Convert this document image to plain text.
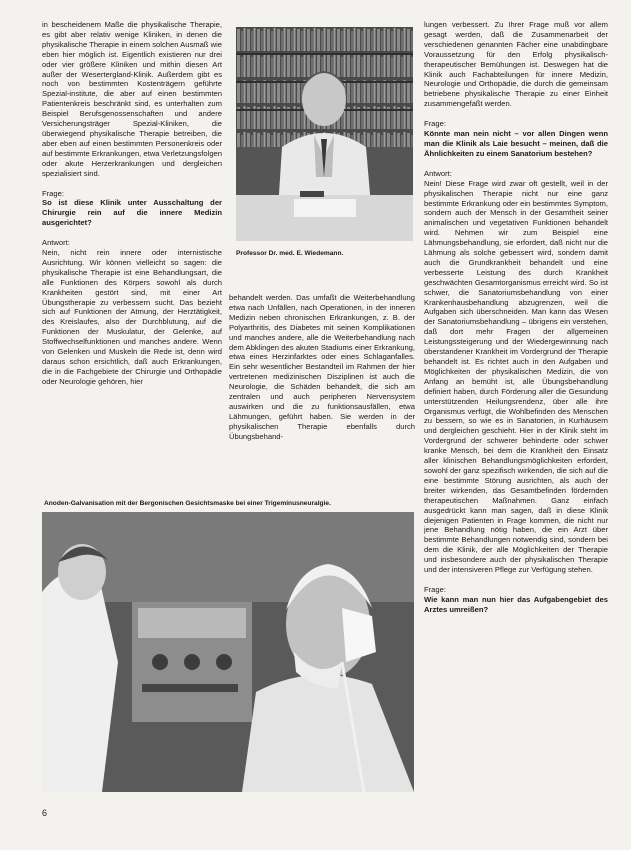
in bescheidenem Maße die physikalische Therapie, es gibt aber relativ wenige Kliniken, in denen die physikalische Therapie in einem solchen Ausmaß wie eben hier möglich ist. Eigentlich existieren nur drei oder vier größere Kliniken und mithin diesen Art außer der Wesertergland-Klinik. Außerdem gibt es noch von bestimmten Kostenträgern geführte Spezial-institute, die aber auf einen bestimmten Patientenkreis beschränkt sind, es unterhalten zum Beispiel Berufsgenossenschaften und andere Versicherungsträger Spezial-Kliniken, die überwiegend physikalische Therapie betreiben, die aber eben auf einen bestimmten Personenkreis oder auf bestimmte Erkrankungen, etwa Verletzungsfolgen oder akute Herzerkrankungen und dergleichen spezialisiert sind.

Frage:

So ist diese Klinik unter Ausschaltung der Chirurgie rein auf die innere Medizin ausgerichtet?

Antwort:

Nein, nicht rein innere oder internistische Ausrichtung. Wir können vielleicht so sagen: die physikalische Therapie ist eine Behandlungsart, die alle Funktionen des Körpers sowohl als durch Krankheiten gestört sind, mit einer Art Übungstherapie zu verbessern sucht. Das bezieht sich auf Funktionen der Atmung, der Herztätigkeit, des Kreislaufes, also der Durchblutung, auf die Funktionen der Muskulatur, der Gelenke, auf Stoffwechselfunktionen und manches andere. Wenn von Gelenken und Muskeln die Rede ist, denn wird daraus schon ersichtlich, daß auch Erkrankungen, die in die Fachgebiete der Chirurgie und Orthopädie oder Neurologie gehören, hier

Professor Dr. med. E. Wiedemann.

behandelt werden. Das umfaßt die Weiterbehandlung etwa nach Unfällen, nach Operationen, in der inneren Medizin neben chronischen Erkrankungen, z. B. der Polyarthritis, des Diabetes mit seinen Komplikationen und manches andere, alle die Weiterbehandlung nach dem Abklingen des akuten Stadiums einer Erkrankung, etwa eines Herzinfarktes oder eines Schlaganfalles. Ein sehr wesentlicher Bestandteil im Rahmen der hier vertretenen medizinischen Disziplinen ist auch die Neurologie, die Schäden behandelt, die sich am zentralen und auch peripheren Nervensystem auswirken und die zu funktionsausfällen, etwa Lähmungen, geführt haben. Sie werden in der physikalischen Therapie ebenfalls durch Übungsbehand-

Anoden-Galvanisation mit der Bergonischen Gesichtsmaske bei einer Trigeminusneuralgie.

lungen verbessert. Zu Ihrer Frage muß vor allem gesagt werden, daß die Zusammenarbeit der verschiedenen genannten Fächer eine unabdingbare Voraussetzung für den Erfolg physikalisch-therapeutischer Bemühungen ist. Deswegen hat die Klinik auch Fachabteilungen für innere Medizin, Neurologie und Orthopädie, die durch die gemeinsam betriebene physikalische Therapie zu einer Einheit zusammengefaßt werden.

Frage:

Könnte man nein nicht – vor allen Dingen wenn man die Klinik als Laie besucht – meinen, daß die Ähnlichkeiten zu einem Sanatorium bestehen?

Antwort:

Nein! Diese Frage wird zwar oft gestellt, weil in der physikalischen Therapie nicht nur eine ganz bestimmte Erkrankung oder ein bestimmtes Symptom, sondern auch der Mensch in der Gesamtheit seiner animalischen und vegetativen Funktionen behandelt wird. Nehmen wir zum Beispiel eine Lähmungsbehandlung, sie erfordert, daß nicht nur die Lähmung als solche gebessert wird, sondern damit auch die Grundkrankheit behandelt und eine verbesserte Leistung des durch Krankheit geschwächten Gesamtorganismus erreicht wird. So ist schwer, die Sanatoriumsbehandlung von einer Krankenhausbehandlung abzugrenzen, weil die Aufgaben sich überschneiden. Man kann das Wesen der Sanatoriumsbehandlung – übrigens ein verstehen, daß dort mehr Fragen der allgemeinen Leistungssteigerung und der Wiedergewinnung nach überstandener Krankheit im Vordergrund der Therapie behandelt ist. Es richtet auch in den Aufgaben und Möglichkeiten der physikalischen Medizin, die von Anfang an bemüht ist, alle Übungsbehandlung definiert haben, durch Förderung aller die Gesundung unterstützenden Heilungsrendenz, über alle ihre Organismus verfügt, die Wohlbefinden des Menschen zu bessern, so wie es in Sanatorien, in Kurhäusern und dergleichen geschieht. Hier in der Klinik steht im Vordergrund der schwerer behinderte oder schwer kranke Mensch, bei dem die Krankheit den Einsatz aller klinischen Behandlungsmöglichkeiten erfordert, sowohl der ganz spezifisch wirkenden, die sich auf die eine bestimmte Störung ausrichten, als auch der breiter wirkenden, das Gesamtbefinden fördernden therapeutischen Maßnahmen. Ganz einfach ausgedrückt kann man sagen, daß in diese Klinik diejenigen Patienten in Frage kommen, die nicht nur jene Behandlung nötig haben, die ein Arzt über bestimmte Behandlungen notwendig sind, sondern bei dem die Klinik, der alle Möglichkeiten der Therapie und insbesondere auch der physikalischen Therapie und der intensiveren Pflege zur Verfügung stehen.

Frage:

Wie kann man nun hier das Aufgabengebiet des Arztes umreißen?

6
